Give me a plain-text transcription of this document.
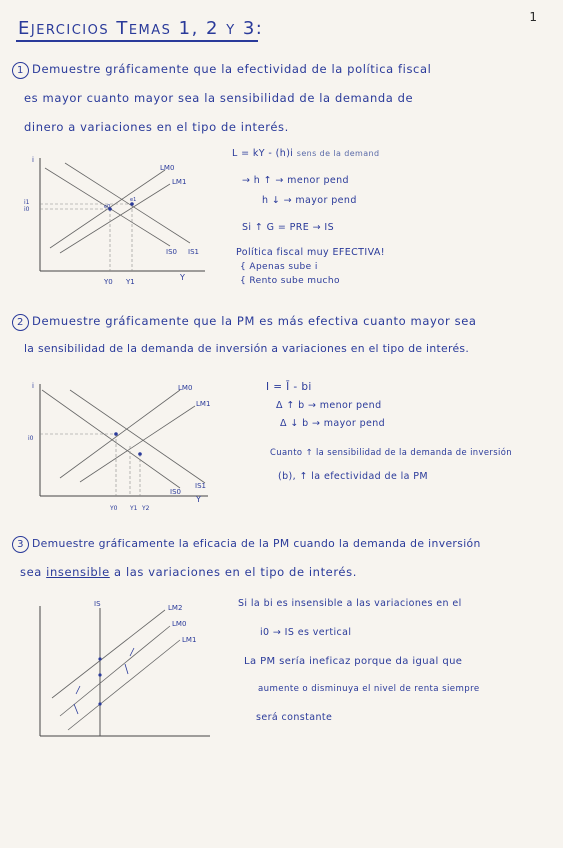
1
Ejercicios Temas 1, 2 y 3:
1 Demuestre gráficamente que la efectividad de la política fiscal
es mayor cuanto mayor sea la sensibilidad de la demanda de
dinero a variaciones en el tipo de interés.
LM0
LM1
IS0 IS1
i1
i0	e0
e1
Y0 Y1	Y
i
L = kY - (h)i sens de la demand
→ h ↑ → menor pend
h ↓ → mayor pend
Si ↑ G = PRE → IS
Política fiscal muy EFECTIVA!
{ Apenas sube i
{ Rento sube mucho
2 Demuestre gráficamente que la PM es más efectiva cuanto mayor sea
la sensibilidad de la demanda de inversión a variaciones en el tipo de interés.
LM0
LM1
IS0
IS1
i0
Y0 Y1 Y2
Y
i	I = Ī - bi
Δ ↑ b → menor pend
Δ ↓ b → mayor pend
Cuanto ↑ la sensibilidad de la demanda de inversión
(b), ↑ la efectividad de la PM
3 Demuestre gráficamente la eficacia de la PM cuando la demanda de inversión
sea insensible a las variaciones en el tipo de interés.
IS	LM2
LM0
LM1
Si la bi es insensible a las variaciones en el
i0 → IS es vertical
La PM sería ineficaz porque da igual que
aumente o disminuya el nivel de renta siempre
será constante
